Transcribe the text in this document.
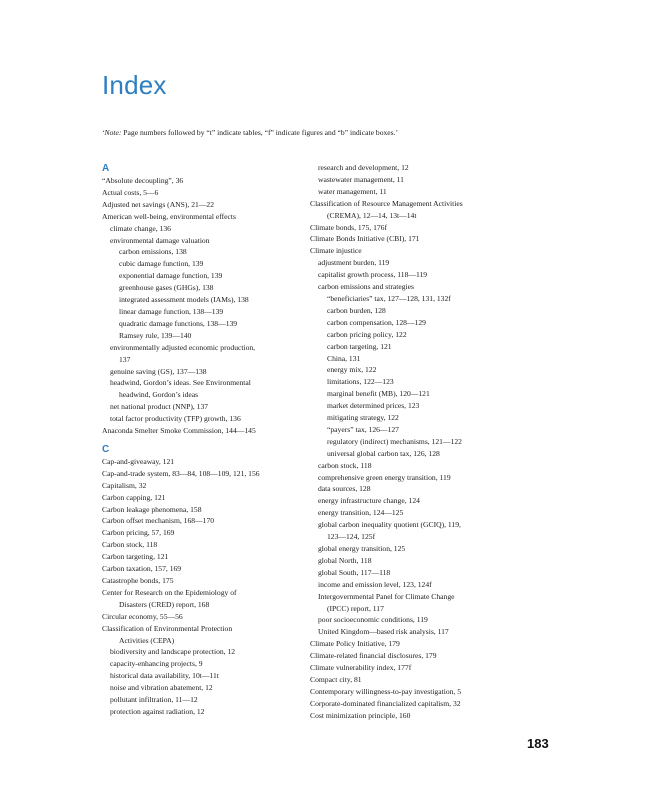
Index
‘Note: Page numbers followed by “t” indicate tables, “f” indicate figures and “b” indicate boxes.’
A
“Absolute decoupling”, 36
Actual costs, 5—6
Adjusted net savings (ANS), 21—22
American well-being, environmental effects
climate change, 136
environmental damage valuation
carbon emissions, 138
cubic damage function, 139
exponential damage function, 139
greenhouse gases (GHGs), 138
integrated assessment models (IAMs), 138
linear damage function, 138—139
quadratic damage functions, 138—139
Ramsey rule, 139—140
environmentally adjusted economic production,
137
genuine saving (GS), 137—138
headwind, Gordon’s ideas. See Environmental
headwind, Gordon’s ideas
net national product (NNP), 137
total factor productivity (TFP) growth, 136
Anaconda Smelter Smoke Commission, 144—145
C
Cap-and-giveaway, 121
Cap-and-trade system, 83—84, 108—109, 121, 156
Capitalism, 32
Carbon capping, 121
Carbon leakage phenomena, 158
Carbon offset mechanism, 168—170
Carbon pricing, 57, 169
Carbon stock, 118
Carbon targeting, 121
Carbon taxation, 157, 169
Catastrophe bonds, 175
Center for Research on the Epidemiology of
Disasters (CRED) report, 168
Circular economy, 55—56
Classification of Environmental Protection
Activities (CEPA)
biodiversity and landscape protection, 12
capacity-enhancing projects, 9
historical data availability, 10t—11t
noise and vibration abatement, 12
pollutant infiltration, 11—12
protection against radiation, 12
research and development, 12
wastewater management, 11
water management, 11
Classification of Resource Management Activities
(CREMA), 12—14, 13t—14t
Climate bonds, 175, 176f
Climate Bonds Initiative (CBI), 171
Climate injustice
adjustment burden, 119
capitalist growth process, 118—119
carbon emissions and strategies
“beneficiaries” tax, 127—128, 131, 132f
carbon burden, 128
carbon compensation, 128—129
carbon pricing policy, 122
carbon targeting, 121
China, 131
energy mix, 122
limitations, 122—123
marginal benefit (MB), 120—121
market determined prices, 123
mitigating strategy, 122
“payers” tax, 126—127
regulatory (indirect) mechanisms, 121—122
universal global carbon tax, 126, 128
carbon stock, 118
comprehensive green energy transition, 119
data sources, 128
energy infrastructure change, 124
energy transition, 124—125
global carbon inequality quotient (GCIQ), 119,
123—124, 125f
global energy transition, 125
global North, 118
global South, 117—118
income and emission level, 123, 124f
Intergovernmental Panel for Climate Change
(IPCC) report, 117
poor socioeconomic conditions, 119
United Kingdom—based risk analysis, 117
Climate Policy Initiative, 179
Climate-related financial disclosures, 179
Climate vulnerability index, 177f
Compact city, 81
Contemporary willingness-to-pay investigation, 5
Corporate-dominated financialized capitalism, 32
Cost minimization principle, 160
183
